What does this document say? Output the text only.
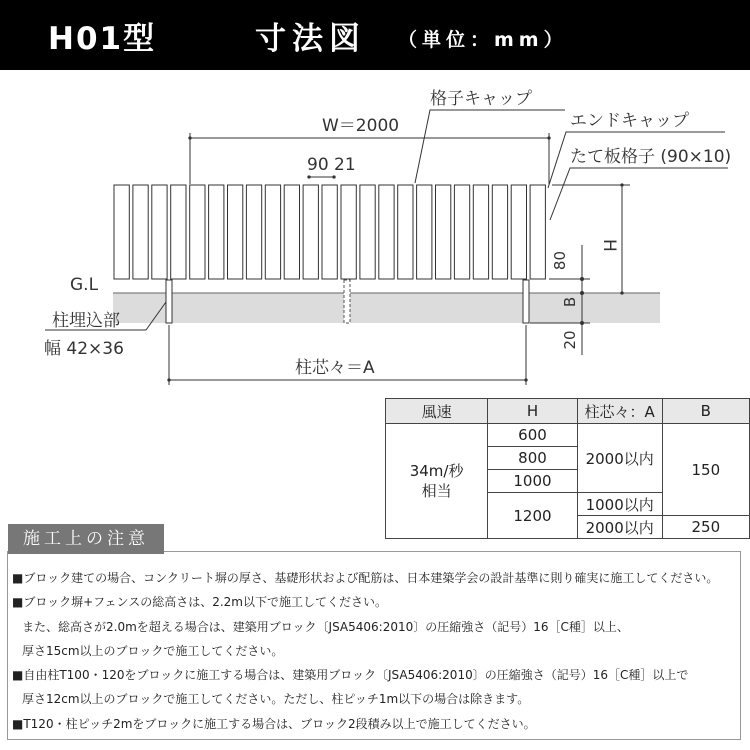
H01型	寸法図 （単位：mm）
W＝2000
90 21
格子キャップ
エンドキャップ
たて板格子 (90×10)
H
80
B
20
G.L
柱埋込部
幅 42×36
柱芯々＝A
風速	H	柱芯々：A	B
34m/秒
相当	600	2000以内	150
	800		
	1000		
	1200	1000以内	
		2000以内	250
施工上の注意
■ブロック建ての場合、コンクリート塀の厚さ、基礎形状および配筋は、日本建築学会の設計基準に則り確実に施工してください。
■ブロック塀+フェンスの総高さは、2.2m以下で施工してください。
また、総高さが2.0mを超える場合は、建築用ブロック〔JSA5406:2010〕の圧縮強さ（記号）16［C種］以上、
厚さ15cm以上のブロックで施工してください。
■自由柱T100・120をブロックに施工する場合は、建築用ブロック〔JSA5406:2010〕の圧縮強さ（記号）16［C種］以上で
厚さ12cm以上のブロックで施工してください。ただし、柱ピッチ1m以下の場合は除きます。
■T120・柱ピッチ2mをブロックに施工する場合は、ブロック2段積み以上で施工してください。
